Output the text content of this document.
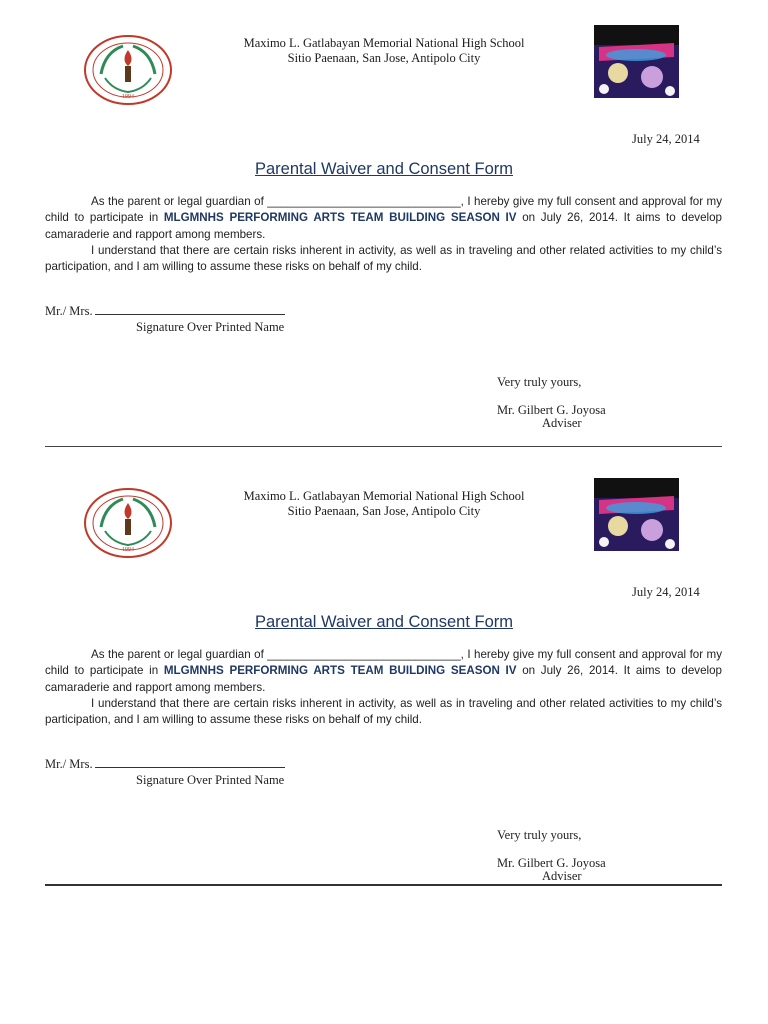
1994
Maximo L. Gatlabayan Memorial National High School
Sitio Paenaan, San Jose, Antipolo City
July 24, 2014
Parental Waiver and Consent Form

As the parent or legal guardian of ______________________________, I hereby give my full consent and approval for my child to participate in MLGMNHS PERFORMING ARTS TEAM BUILDING SEASON IV on July 26, 2014. It aims to develop camaraderie and rapport among members.

I understand that there are certain risks inherent in activity, as well as in traveling and other related activities to my child’s participation, and I am willing to assume these risks on behalf of my child.

Mr./ Mrs.
Signature Over Printed Name
Very truly yours,
Mr. Gilbert G. Joyosa
Adviser
1994
Maximo L. Gatlabayan Memorial National High School
Sitio Paenaan, San Jose, Antipolo City
July 24, 2014
Parental Waiver and Consent Form

As the parent or legal guardian of ______________________________, I hereby give my full consent and approval for my child to participate in MLGMNHS PERFORMING ARTS TEAM BUILDING SEASON IV on July 26, 2014. It aims to develop camaraderie and rapport among members.

I understand that there are certain risks inherent in activity, as well as in traveling and other related activities to my child’s participation, and I am willing to assume these risks on behalf of my child.

Mr./ Mrs.
Signature Over Printed Name
Very truly yours,
Mr. Gilbert G. Joyosa
Adviser
